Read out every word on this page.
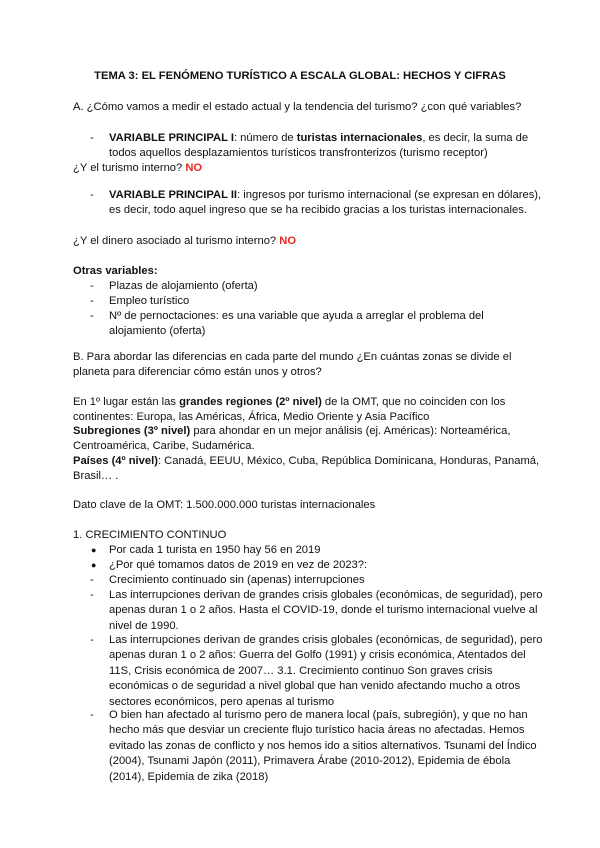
TEMA 3: EL FENÓMENO TURÍSTICO A ESCALA GLOBAL: HECHOS Y CIFRAS

A. ¿Cómo vamos a medir el estado actual y la tendencia del turismo? ¿con qué variables?

-	VARIABLE PRINCIPAL I: número de turistas internacionales, es decir, la suma de todos aquellos desplazamientos turísticos transfronterizos (turismo receptor)

¿Y el turismo interno? NO

-	VARIABLE PRINCIPAL II: ingresos por turismo internacional (se expresan en dólares), es decir, todo aquel ingreso que se ha recibido gracias a los turistas internacionales.

¿Y el dinero asociado al turismo interno? NO

Otras variables:

-	Plazas de alojamiento (oferta)

-	Empleo turístico

-	Nº de pernoctaciones: es una variable que ayuda a arreglar el problema del alojamiento (oferta)

B. Para abordar las diferencias en cada parte del mundo ¿En cuántas zonas se divide el planeta para diferenciar cómo están unos y otros?

En 1º lugar están las grandes regiones (2º nivel) de la OMT, que no coinciden con los continentes: Europa, las Américas, África, Medio Oriente y Asia Pacífico

Subregiones (3º nivel) para ahondar en un mejor análisis (ej. Américas): Norteamérica, Centroamérica, Caribe, Sudamérica.

Países (4º nivel): Canadá, EEUU, México, Cuba, República Dominicana, Honduras, Panamá, Brasil… .

Dato clave de la OMT: 1.500.000.000 turistas internacionales

1. CRECIMIENTO CONTINUO

●	Por cada 1 turista en 1950 hay 56 en 2019

●	¿Por qué tomamos datos de 2019 en vez de 2023?:

-	Crecimiento continuado sin (apenas) interrupciones

-	Las interrupciones derivan de grandes crisis globales (económicas, de seguridad), pero apenas duran 1 o 2 años. Hasta el COVID-19, donde el turismo internacional vuelve al nivel de 1990.

-	Las interrupciones derivan de grandes crisis globales (económicas, de seguridad), pero apenas duran 1 o 2 años: Guerra del Golfo (1991) y crisis económica, Atentados del 11S, Crisis económica de 2007… 3.1. Crecimiento continuo Son graves crisis económicas o de seguridad a nivel global que han venido afectando mucho a otros sectores económicos, pero apenas al turismo

-	O bien han afectado al turismo pero de manera local (país, subregión), y que no han hecho más que desviar un creciente flujo turístico hacia áreas no afectadas. Hemos evitado las zonas de conflicto y nos hemos ido a sitios alternativos. Tsunami del Índico (2004), Tsunami Japón (2011), Primavera Árabe (2010-2012), Epidemia de ébola (2014), Epidemia de zika (2018)
